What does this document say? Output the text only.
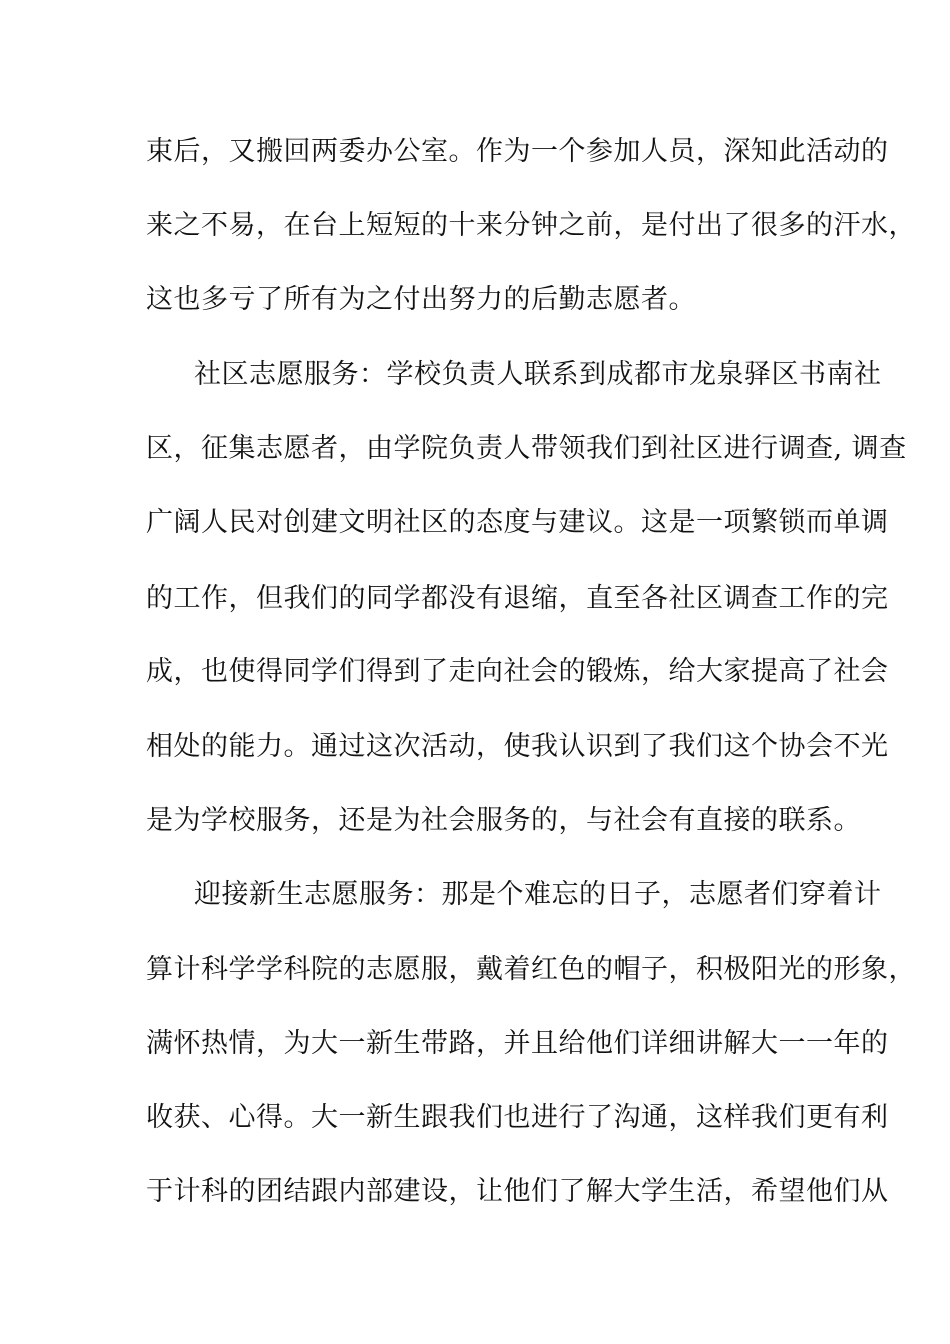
束后，又搬回两委办公室。作为一个参加人员，深知此活动的
来之不易，在台上短短的十来分钟之前，是付出了很多的汗水，
这也多亏了所有为之付出努力的后勤志愿者。
社区志愿服务：学校负责人联系到成都市龙泉驿区书南社
区，征集志愿者，由学院负责人带领我们到社区进行调查, 调查
广阔人民对创建文明社区的态度与建议。这是一项繁锁而单调
的工作，但我们的同学都没有退缩，直至各社区调查工作的完
成，也使得同学们得到了走向社会的锻炼，给大家提高了社会
相处的能力。通过这次活动，使我认识到了我们这个协会不光
是为学校服务，还是为社会服务的，与社会有直接的联系。
迎接新生志愿服务：那是个难忘的日子，志愿者们穿着计
算计科学学科院的志愿服，戴着红色的帽子，积极阳光的形象，
满怀热情，为大一新生带路，并且给他们详细讲解大一一年的
收获、心得。大一新生跟我们也进行了沟通，这样我们更有利
于计科的团结跟内部建设，让他们了解大学生活，希望他们从
